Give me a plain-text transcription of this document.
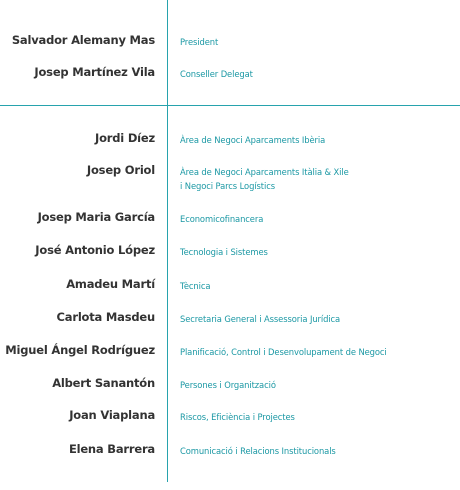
Salvador Alemany Mas	President
Josep Martínez Vila	Conseller Delegat
Jordi Díez	Àrea de Negoci Aparcaments Ibèria
Josep Oriol	Àrea de Negoci Aparcaments Itàlia & Xile
i Negoci Parcs Logístics
Josep Maria García	Economicofinancera
José Antonio López	Tecnologia i Sistemes
Amadeu Martí	Tècnica
Carlota Masdeu	Secretaria General i Assessoria Jurídica
Miguel Ángel Rodríguez	Planificació, Control i Desenvolupament de Negoci
Albert Sanantón	Persones i Organització
Joan Viaplana	Riscos, Eficiència i Projectes
Elena Barrera	Comunicació i Relacions Institucionals
